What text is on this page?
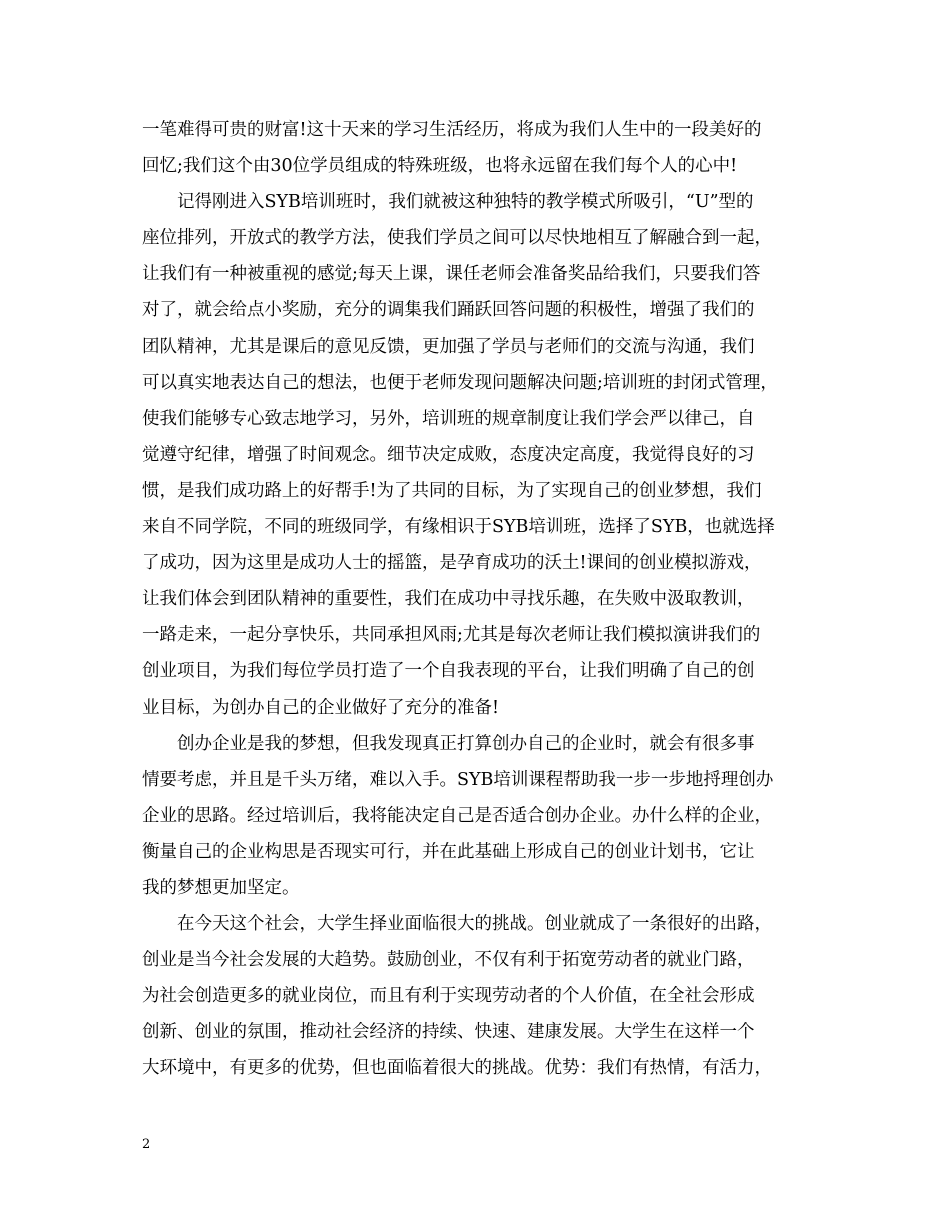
一笔难得可贵的财富!这十天来的学习生活经历，将成为我们人生中的一段美好的
回忆;我们这个由30位学员组成的特殊班级，也将永远留在我们每个人的心中!
记得刚进入SYB培训班时，我们就被这种独特的教学模式所吸引，“U”型的
座位排列，开放式的教学方法，使我们学员之间可以尽快地相互了解融合到一起，
让我们有一种被重视的感觉;每天上课，课任老师会准备奖品给我们，只要我们答
对了，就会给点小奖励，充分的调集我们踊跃回答问题的积极性，增强了我们的
团队精神，尤其是课后的意见反馈，更加强了学员与老师们的交流与沟通，我们
可以真实地表达自己的想法，也便于老师发现问题解决问题;培训班的封闭式管理，
使我们能够专心致志地学习，另外，培训班的规章制度让我们学会严以律己，自
觉遵守纪律，增强了时间观念。细节决定成败，态度决定高度，我觉得良好的习
惯，是我们成功路上的好帮手!为了共同的目标，为了实现自己的创业梦想，我们
来自不同学院，不同的班级同学，有缘相识于SYB培训班，选择了SYB，也就选择
了成功，因为这里是成功人士的摇篮，是孕育成功的沃土!课间的创业模拟游戏，
让我们体会到团队精神的重要性，我们在成功中寻找乐趣，在失败中汲取教训，
一路走来，一起分享快乐，共同承担风雨;尤其是每次老师让我们模拟演讲我们的
创业项目，为我们每位学员打造了一个自我表现的平台，让我们明确了自己的创
业目标，为创办自己的企业做好了充分的准备!
创办企业是我的梦想，但我发现真正打算创办自己的企业时，就会有很多事
情要考虑，并且是千头万绪，难以入手。SYB培训课程帮助我一步一步地捋理创办
企业的思路。经过培训后，我将能决定自己是否适合创办企业。办什么样的企业，
衡量自己的企业构思是否现实可行，并在此基础上形成自己的创业计划书，它让
我的梦想更加坚定。
在今天这个社会，大学生择业面临很大的挑战。创业就成了一条很好的出路，
创业是当今社会发展的大趋势。鼓励创业，不仅有利于拓宽劳动者的就业门路，
为社会创造更多的就业岗位，而且有利于实现劳动者的个人价值，在全社会形成
创新、创业的氛围，推动社会经济的持续、快速、建康发展。大学生在这样一个
大环境中，有更多的优势，但也面临着很大的挑战。优势：我们有热情，有活力，
2
